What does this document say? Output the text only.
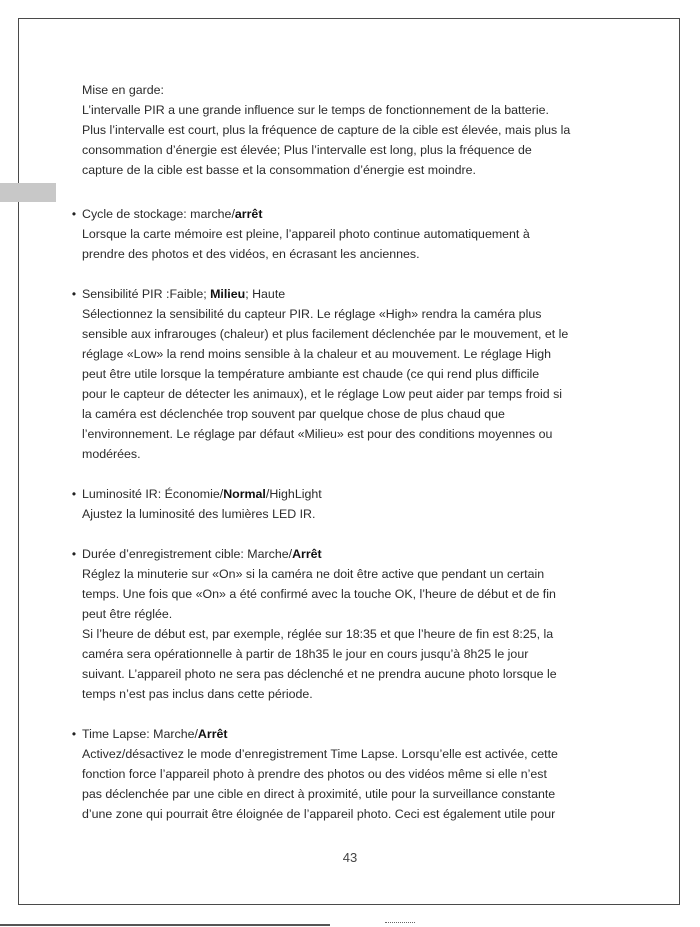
Mise en garde:

L’intervalle PIR a une grande influence sur le temps de fonctionnement de la batterie.
Plus l’intervalle est court, plus la fréquence de capture de la cible est élevée, mais plus la
consommation d’énergie est élevée; Plus l’intervalle est long, plus la fréquence de
capture de la cible est basse et la consommation d’énergie est moindre.

• Cycle de stockage: marche/arrêt

Lorsque la carte mémoire est pleine, l’appareil photo continue automatiquement à
prendre des photos et des vidéos, en écrasant les anciennes.

• Sensibilité PIR :Faible; Milieu; Haute

Sélectionnez la sensibilité du capteur PIR. Le réglage «High» rendra la caméra plus
sensible aux infrarouges (chaleur) et plus facilement déclenchée par le mouvement, et le
réglage «Low» la rend moins sensible à la chaleur et au mouvement. Le réglage High
peut être utile lorsque la température ambiante est chaude (ce qui rend plus difficile
pour le capteur de détecter les animaux), et le réglage Low peut aider par temps froid si
la caméra est déclenchée trop souvent par quelque chose de plus chaud que
l’environnement. Le réglage par défaut «Milieu» est pour des conditions moyennes ou
modérées.

• Luminosité IR: Économie/Normal/HighLight

Ajustez la luminosité des lumières LED IR.

• Durée d’enregistrement cible: Marche/Arrêt

Réglez la minuterie sur «On» si la caméra ne doit être active que pendant un certain
temps. Une fois que «On» a été confirmé avec la touche OK, l’heure de début et de fin
peut être réglée.
Si l’heure de début est, par exemple, réglée sur 18:35 et que l’heure de fin est 8:25, la
caméra sera opérationnelle à partir de 18h35 le jour en cours jusqu’à 8h25 le jour
suivant. L’appareil photo ne sera pas déclenché et ne prendra aucune photo lorsque le
temps n’est pas inclus dans cette période.

• Time Lapse: Marche/Arrêt

Activez/désactivez le mode d’enregistrement Time Lapse. Lorsqu’elle est activée, cette
fonction force l’appareil photo à prendre des photos ou des vidéos même si elle n’est
pas déclenchée par une cible en direct à proximité, utile pour la surveillance constante
d’une zone qui pourrait être éloignée de l’appareil photo. Ceci est également utile pour

43
